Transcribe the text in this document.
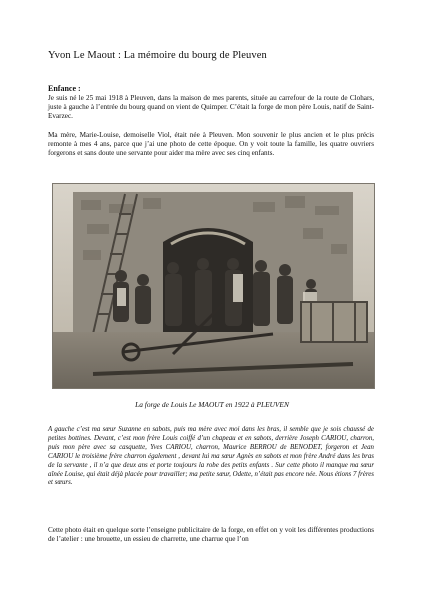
Yvon Le Maout : La mémoire du bourg de Pleuven
Enfance :
Je suis né le 25 mai 1918 à Pleuven, dans la maison de mes parents, située au carrefour de la route de Clohars, juste à gauche à l’entrée du bourg quand on vient de Quimper. C’était la forge de mon père Louis, natif de Saint-Evarzec.
Ma mère, Marie-Louise, demoiselle Viol, était née à Pleuven. Mon souvenir le plus ancien et le plus précis remonte à mes 4 ans, parce que j’ai une photo de cette époque. On y voit toute la famille, les quatre ouvriers forgerons et sans doute une servante pour aider ma mère avec ses cinq enfants.
La forge de Louis Le MAOUT en 1922 à PLEUVEN
A gauche c’est ma sœur Suzanne en sabots, puis ma mère avec moi dans les bras, il semble que je sois chaussé de petites bottines. Devant, c’est mon frère Louis coiffé d’un chapeau et en sabots, derrière Joseph CARIOU, charron, puis mon père avec sa casquette, Yves CARIOU, charron, Maurice BERROU de BENODET, forgeron et Jean CARIOU le troisième frère charron également , devant lui ma sœur Agnès en sabots et mon frère André dans les bras de la servante , il n’a que deux ans et porte toujours la robe des petits enfants . Sur cette photo il manque ma sœur aînée Louise, qui était déjà placée pour travailler; ma petite sœur, Odette, n’était pas encore née. Nous étions 7 frères et sœurs.
Cette photo était en quelque sorte l’enseigne publicitaire de la forge, en effet on y voit les différentes productions de l’atelier : une brouette, un essieu de charrette, une charrue que l’on
